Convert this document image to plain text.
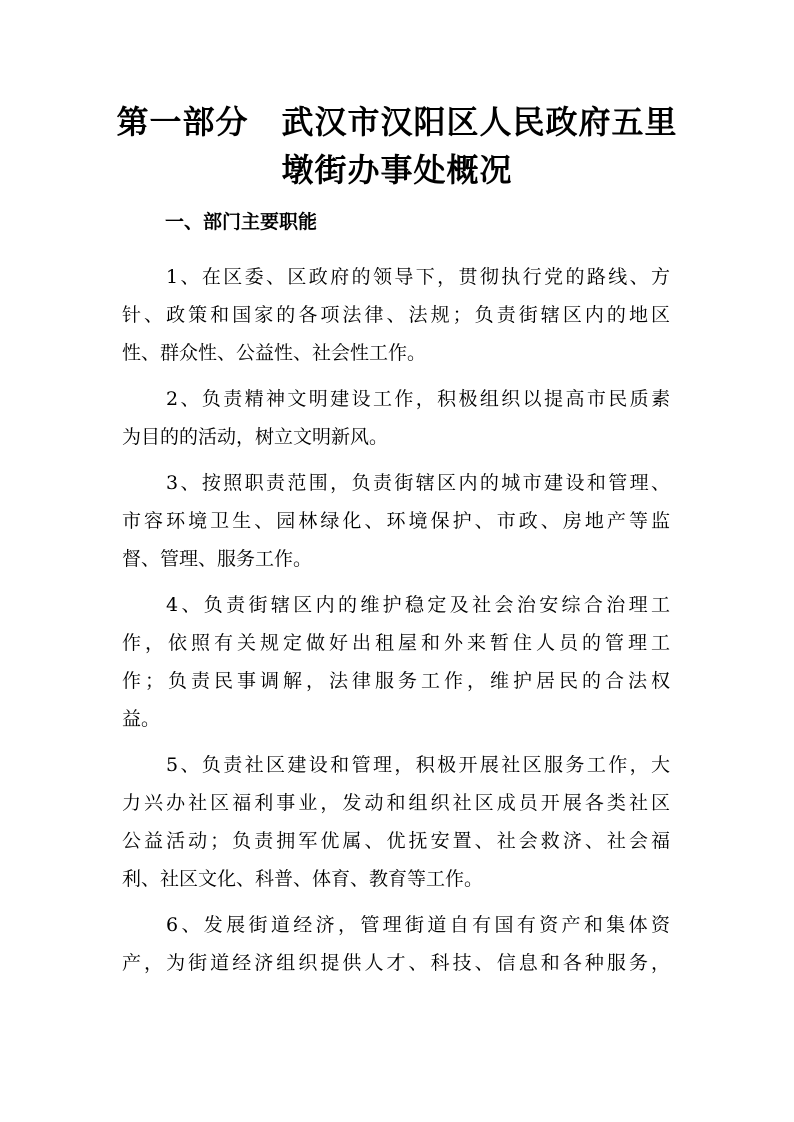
第一部分　武汉市汉阳区人民政府五里
墩街办事处概况
一、部门主要职能

1、在区委、区政府的领导下，贯彻执行党的路线、方
针、政策和国家的各项法律、法规；负责街辖区内的地区
性、群众性、公益性、社会性工作。

2、负责精神文明建设工作，积极组织以提高市民质素
为目的的活动，树立文明新风。

3、按照职责范围，负责街辖区内的城市建设和管理、
市容环境卫生、园林绿化、环境保护、市政、房地产等监
督、管理、服务工作。

4、负责街辖区内的维护稳定及社会治安综合治理工
作，依照有关规定做好出租屋和外来暂住人员的管理工
作；负责民事调解，法律服务工作，维护居民的合法权
益。

5、负责社区建设和管理，积极开展社区服务工作，大
力兴办社区福利事业，发动和组织社区成员开展各类社区
公益活动；负责拥军优属、优抚安置、社会救济、社会福
利、社区文化、科普、体育、教育等工作。

6、发展街道经济，管理街道自有国有资产和集体资
产，为街道经济组织提供人才、科技、信息和各种服务，
